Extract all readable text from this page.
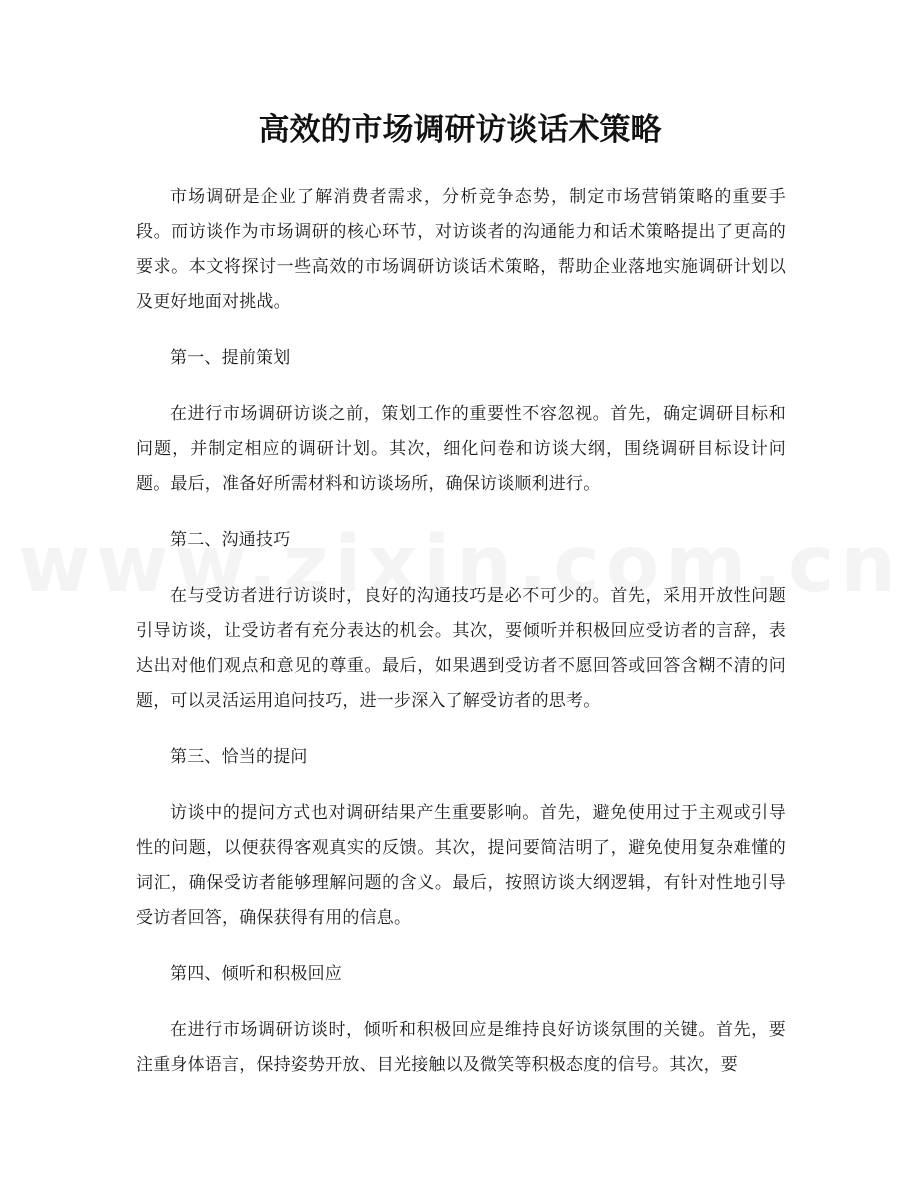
高效的市场调研访谈话术策略

市场调研是企业了解消费者需求，分析竞争态势，制定市场营销策略的重要手段。而访谈作为市场调研的核心环节，对访谈者的沟通能力和话术策略提出了更高的要求。本文将探讨一些高效的市场调研访谈话术策略，帮助企业落地实施调研计划以及更好地面对挑战。

第一、提前策划

在进行市场调研访谈之前，策划工作的重要性不容忽视。首先，确定调研目标和问题，并制定相应的调研计划。其次，细化问卷和访谈大纲，围绕调研目标设计问题。最后，准备好所需材料和访谈场所，确保访谈顺利进行。

第二、沟通技巧

在与受访者进行访谈时，良好的沟通技巧是必不可少的。首先，采用开放性问题引导访谈，让受访者有充分表达的机会。其次，要倾听并积极回应受访者的言辞，表达出对他们观点和意见的尊重。最后，如果遇到受访者不愿回答或回答含糊不清的问题，可以灵活运用追问技巧，进一步深入了解受访者的思考。

第三、恰当的提问

访谈中的提问方式也对调研结果产生重要影响。首先，避免使用过于主观或引导性的问题，以便获得客观真实的反馈。其次，提问要简洁明了，避免使用复杂难懂的词汇，确保受访者能够理解问题的含义。最后，按照访谈大纲逻辑，有针对性地引导受访者回答，确保获得有用的信息。

第四、倾听和积极回应

在进行市场调研访谈时，倾听和积极回应是维持良好访谈氛围的关键。首先，要注重身体语言，保持姿势开放、目光接触以及微笑等积极态度的信号。其次，要
